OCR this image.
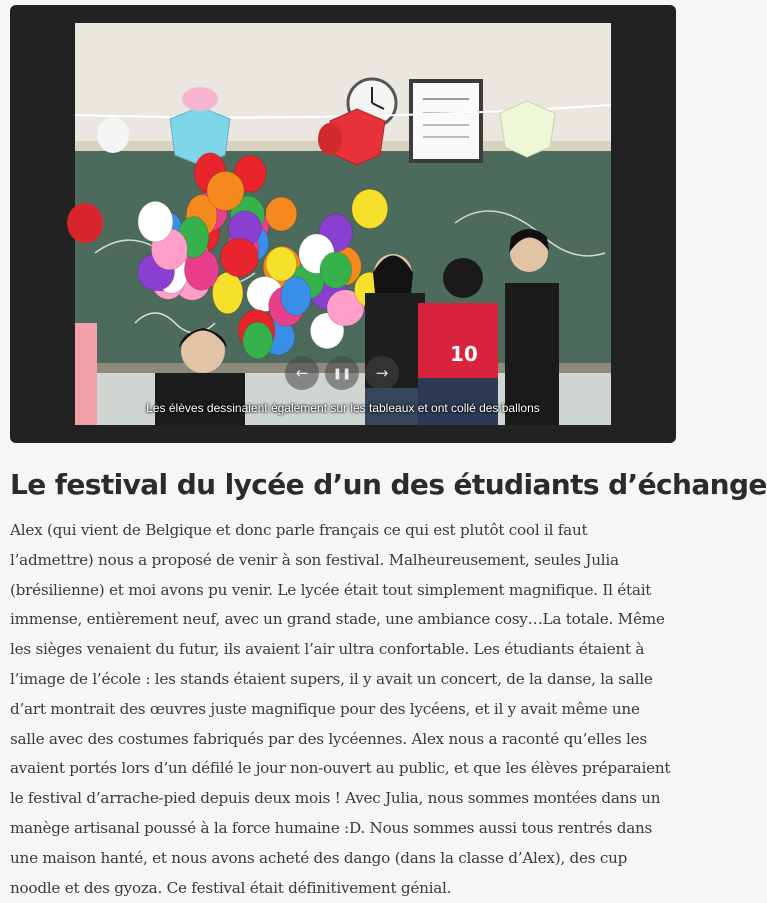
10
← ❚❚ →
Les élèves dessinaient également sur les tableaux et ont collé des ballons
Le festival du lycée d’un des étudiants d’échange

Alex (qui vient de Belgique et donc parle français ce qui est plutôt cool il faut l’admettre) nous a proposé de venir à son festival. Malheureusement, seules Julia (brésilienne) et moi avons pu venir. Le lycée était tout simplement magnifique. Il était immense, entièrement neuf, avec un grand stade, une ambiance cosy…La totale. Même les sièges venaient du futur, ils avaient l’air ultra confortable. Les étudiants étaient à l’image de l’école : les stands étaient supers, il y avait un concert, de la danse, la salle d’art montrait des œuvres juste magnifique pour des lycéens, et il y avait même une salle avec des costumes fabriqués par des lycéennes. Alex nous a raconté qu’elles les avaient portés lors d’un défilé le jour non-ouvert au public, et que les élèves préparaient le festival d’arrache-pied depuis deux mois ! Avec Julia, nous sommes montées dans un manège artisanal poussé à la force humaine :D. Nous sommes aussi tous rentrés dans une maison hanté, et nous avons acheté des dango (dans la classe d’Alex), des cup noodle et des gyoza. Ce festival était définitivement génial.
